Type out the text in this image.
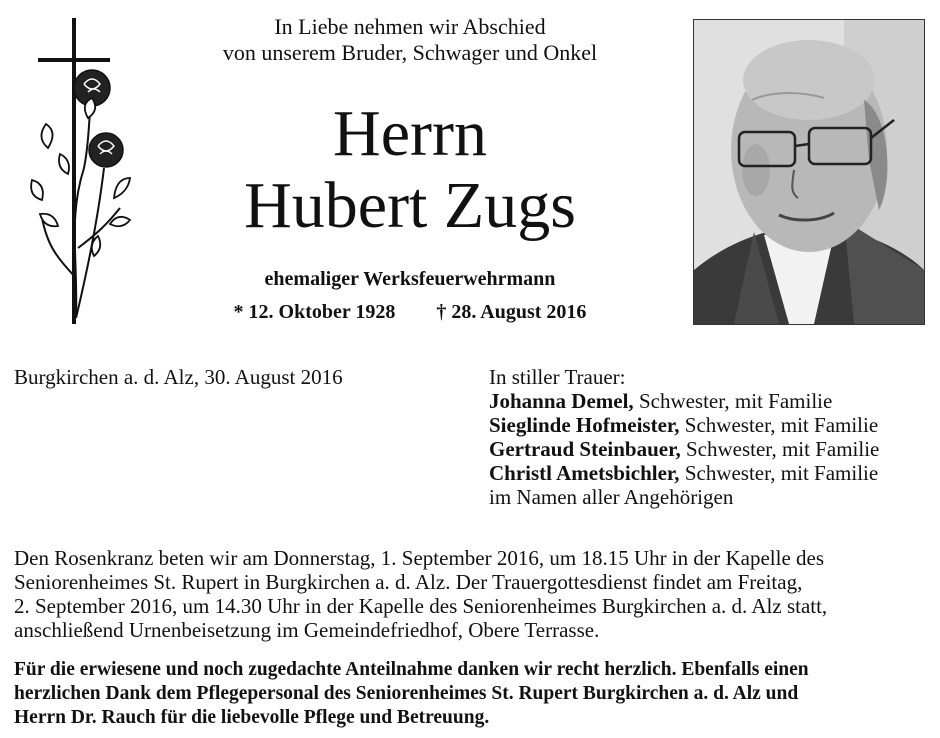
In Liebe nehmen wir Abschied
von unserem Bruder, Schwager und Onkel
Herrn
Hubert Zugs
ehemaliger Werksfeuerwehrmann
* 12. Oktober 1928 † 28. August 2016
Burgkirchen a. d. Alz, 30. August 2016	In stiller Trauer:
Johanna Demel, Schwester, mit Familie
Sieglinde Hofmeister, Schwester, mit Familie
Gertraud Steinbauer, Schwester, mit Familie
Christl Ametsbichler, Schwester, mit Familie
im Namen aller Angehörigen
Den Rosenkranz beten wir am Donnerstag, 1. September 2016, um 18.15 Uhr in der Kapelle des
Seniorenheimes St. Rupert in Burgkirchen a. d. Alz. Der Trauergottesdienst findet am Freitag,
2. September 2016, um 14.30 Uhr in der Kapelle des Seniorenheimes Burgkirchen a. d. Alz statt,
anschließend Urnenbeisetzung im Gemeindefriedhof, Obere Terrasse.
Für die erwiesene und noch zugedachte Anteilnahme danken wir recht herzlich. Ebenfalls einen
herzlichen Dank dem Pflegepersonal des Seniorenheimes St. Rupert Burgkirchen a. d. Alz und
Herrn Dr. Rauch für die liebevolle Pflege und Betreuung.
